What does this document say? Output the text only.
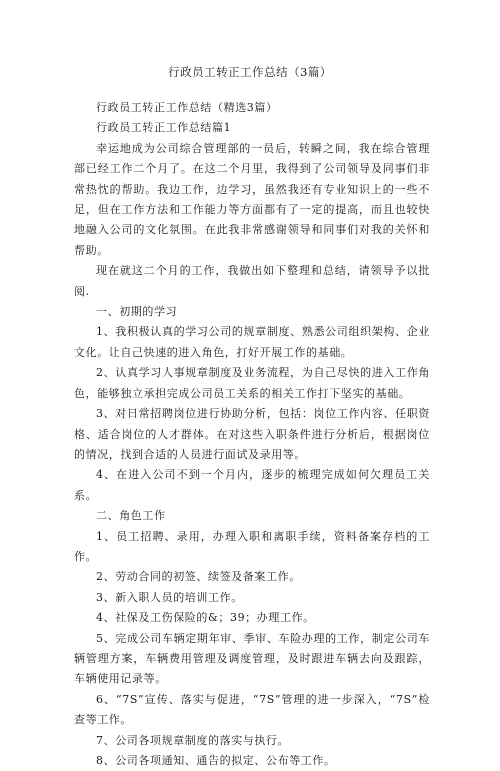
行政员工转正工作总结（3篇）

行政员工转正工作总结（精选3篇）

行政员工转正工作总结篇1

幸运地成为公司综合管理部的一员后，转瞬之间，我在综合管理部已经工作二个月了。在这二个月里，我得到了公司领导及同事们非常热忱的帮助。我边工作，边学习，虽然我还有专业知识上的一些不足，但在工作方法和工作能力等方面都有了一定的提高，而且也较快地融入公司的文化氛围。在此我非常感谢领导和同事们对我的关怀和帮助。

现在就这二个月的工作，我做出如下整理和总结，请领导予以批阅.

一、初期的学习

1、我积极认真的学习公司的规章制度、熟悉公司组织架构、企业文化。让自己快速的进入角色，打好开展工作的基础。

2、认真学习人事规章制度及业务流程，为自己尽快的进入工作角色，能够独立承担完成公司员工关系的相关工作打下坚实的基础。

3、对日常招聘岗位进行协助分析，包括：岗位工作内容、任职资格、适合岗位的人才群体。在对这些入职条件进行分析后，根据岗位的情况，找到合适的人员进行面试及录用等。

4、在进入公司不到一个月内，逐步的梳理完成如何欠理员工关系。

二、角色工作

1、员工招聘、录用，办理入职和离职手续，资料备案存档的工作。

2、劳动合同的初签、续签及备案工作。

3、新入职人员的培训工作。

4、社保及工伤保险的&；39；办理工作。

5、完成公司车辆定期年审、季审、车险办理的工作，制定公司车辆管理方案，车辆费用管理及调度管理，及时跟进车辆去向及跟踪，车辆使用记录等。

6、“7S”宣传、落实与促进，“7S”管理的进一步深入，“7S”检查等工作。

7、公司各项规章制度的落实与执行。

8、公司各项通知、通告的拟定、公布等工作。
